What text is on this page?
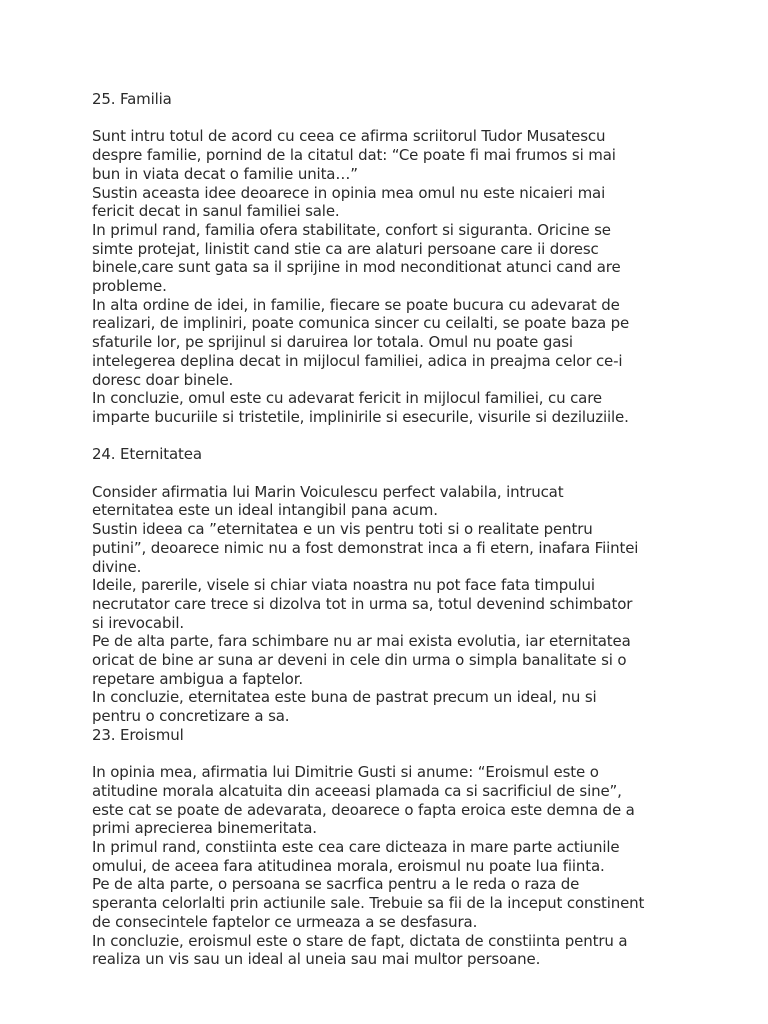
25. Familia
Sunt intru totul de acord cu ceea ce afirma scriitorul Tudor Musatescu
despre familie, pornind de la citatul dat: “Ce poate fi mai frumos si mai
bun in viata decat o familie unita…”
Sustin aceasta idee deoarece in opinia mea omul nu este nicaieri mai
fericit decat in sanul familiei sale.
In primul rand, familia ofera stabilitate, confort si siguranta. Oricine se
simte protejat, linistit cand stie ca are alaturi persoane care ii doresc
binele,care sunt gata sa il sprijine in mod neconditionat atunci cand are
probleme.
In alta ordine de idei, in familie, fiecare se poate bucura cu adevarat de
realizari, de impliniri, poate comunica sincer cu ceilalti, se poate baza pe
sfaturile lor, pe sprijinul si daruirea lor totala. Omul nu poate gasi
intelegerea deplina decat in mijlocul familiei, adica in preajma celor ce-i
doresc doar binele.
In concluzie, omul este cu adevarat fericit in mijlocul familiei, cu care
imparte bucuriile si tristetile, implinirile si esecurile, visurile si deziluziile.
24. Eternitatea
Consider afirmatia lui Marin Voiculescu perfect valabila, intrucat
eternitatea este un ideal intangibil pana acum.
Sustin ideea ca ”eternitatea e un vis pentru toti si o realitate pentru
putini”, deoarece nimic nu a fost demonstrat inca a fi etern, inafara Fiintei
divine.
Ideile, parerile, visele si chiar viata noastra nu pot face fata timpului
necrutator care trece si dizolva tot in urma sa, totul devenind schimbator
si irevocabil.
Pe de alta parte, fara schimbare nu ar mai exista evolutia, iar eternitatea
oricat de bine ar suna ar deveni in cele din urma o simpla banalitate si o
repetare ambigua a faptelor.
In concluzie, eternitatea este buna de pastrat precum un ideal, nu si
pentru o concretizare a sa.
23. Eroismul
In opinia mea, afirmatia lui Dimitrie Gusti si anume: “Eroismul este o
atitudine morala alcatuita din aceeasi plamada ca si sacrificiul de sine”,
este cat se poate de adevarata, deoarece o fapta eroica este demna de a
primi aprecierea binemeritata.
In primul rand, constiinta este cea care dicteaza in mare parte actiunile
omului, de aceea fara atitudinea morala, eroismul nu poate lua fiinta.
Pe de alta parte, o persoana se sacrfica pentru a le reda o raza de
speranta celorlalti prin actiunile sale. Trebuie sa fii de la inceput constinent
de consecintele faptelor ce urmeaza a se desfasura.
In concluzie, eroismul este o stare de fapt, dictata de constiinta pentru a
realiza un vis sau un ideal al uneia sau mai multor persoane.
